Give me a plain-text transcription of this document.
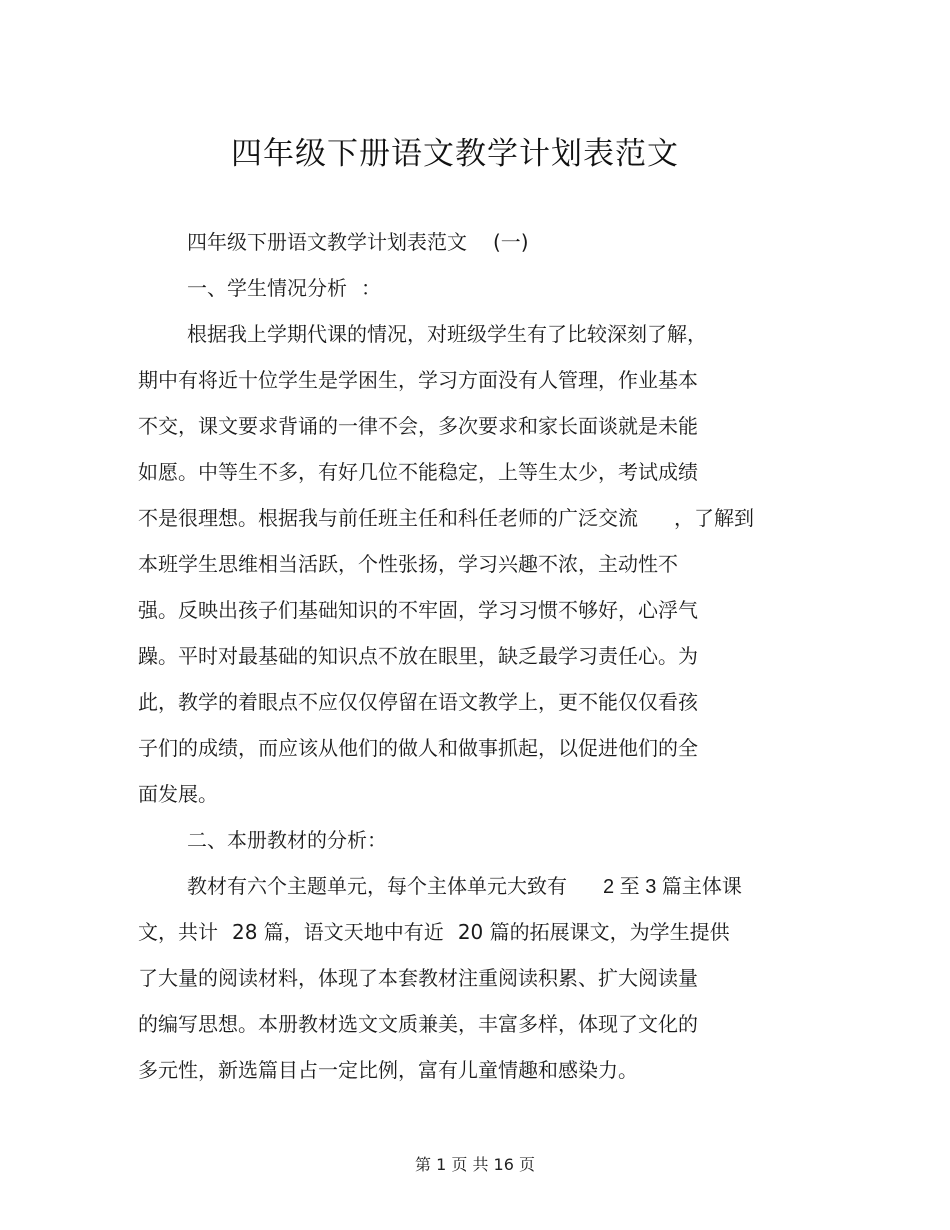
四年级下册语文教学计划表范文
四年级下册语文教学计划表范文 (一)
一、学生情况分析 ：
根据我上学期代课的情况，对班级学生有了比较深刻了解，
期中有将近十位学生是学困生，学习方面没有人管理，作业基本
不交，课文要求背诵的一律不会，多次要求和家长面谈就是未能
如愿。中等生不多，有好几位不能稳定，上等生太少，考试成绩
不是很理想。根据我与前任班主任和科任老师的广泛交流 ，了解到
本班学生思维相当活跃，个性张扬，学习兴趣不浓，主动性不
强。反映出孩子们基础知识的不牢固，学习习惯不够好，心浮气
躁。平时对最基础的知识点不放在眼里，缺乏最学习责任心。为
此，教学的着眼点不应仅仅停留在语文教学上，更不能仅仅看孩
子们的成绩，而应该从他们的做人和做事抓起，以促进他们的全
面发展。
二、本册教材的分析：
教材有六个主题单元，每个主体单元大致有 2 至 3 篇主体课
文，共计 28 篇，语文天地中有近 20 篇的拓展课文，为学生提供
了大量的阅读材料，体现了本套教材注重阅读积累、扩大阅读量
的编写思想。本册教材选文文质兼美，丰富多样，体现了文化的
多元性，新选篇目占一定比例，富有儿童情趣和感染力。
第 1 页 共 16 页
